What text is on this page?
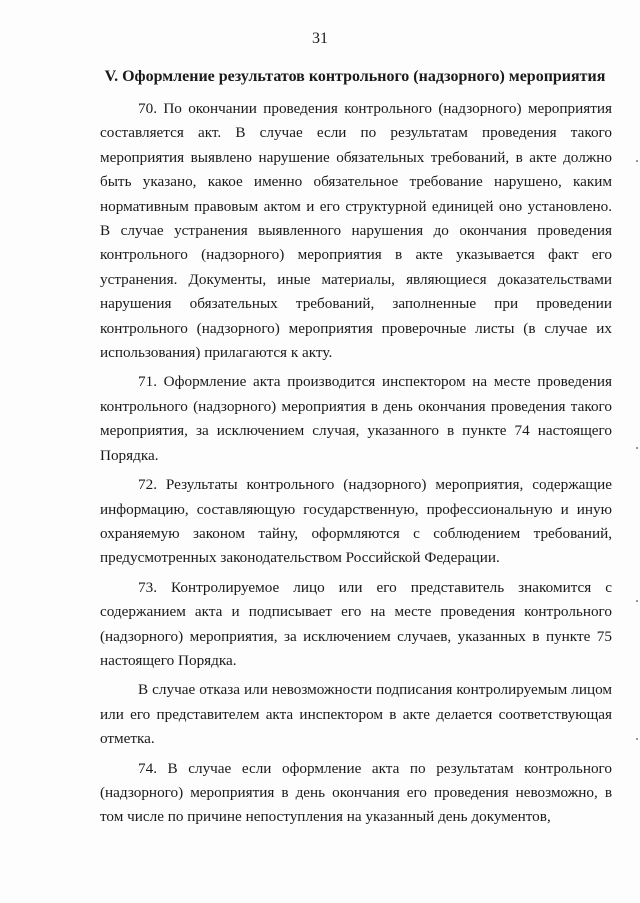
31
V. Оформление результатов контрольного (надзорного) мероприятия

70. По окончании проведения контрольного (надзорного) мероприятия составляется акт. В случае если по результатам проведения такого мероприятия выявлено нарушение обязательных требований, в акте должно быть указано, какое именно обязательное требование нарушено, каким нормативным правовым актом и его структурной единицей оно установлено. В случае устранения выявленного нарушения до окончания проведения контрольного (надзорного) мероприятия в акте указывается факт его устранения. Документы, иные материалы, являющиеся доказательствами нарушения обязательных требований, заполненные при проведении контрольного (надзорного) мероприятия проверочные листы (в случае их использования) прилагаются к акту.

71. Оформление акта производится инспектором на месте проведения контрольного (надзорного) мероприятия в день окончания проведения такого мероприятия, за исключением случая, указанного в пункте 74 настоящего Порядка.

72. Результаты контрольного (надзорного) мероприятия, содержащие информацию, составляющую государственную, профессиональную и иную охраняемую законом тайну, оформляются с соблюдением требований, предусмотренных законодательством Российской Федерации.

73. Контролируемое лицо или его представитель знакомится с содержанием акта и подписывает его на месте проведения контрольного (надзорного) мероприятия, за исключением случаев, указанных в пункте 75 настоящего Порядка.

В случае отказа или невозможности подписания контролируемым лицом или его представителем акта инспектором в акте делается соответствующая отметка.

74. В случае если оформление акта по результатам контрольного (надзорного) мероприятия в день окончания его проведения невозможно, в том числе по причине непоступления на указанный день документов,
